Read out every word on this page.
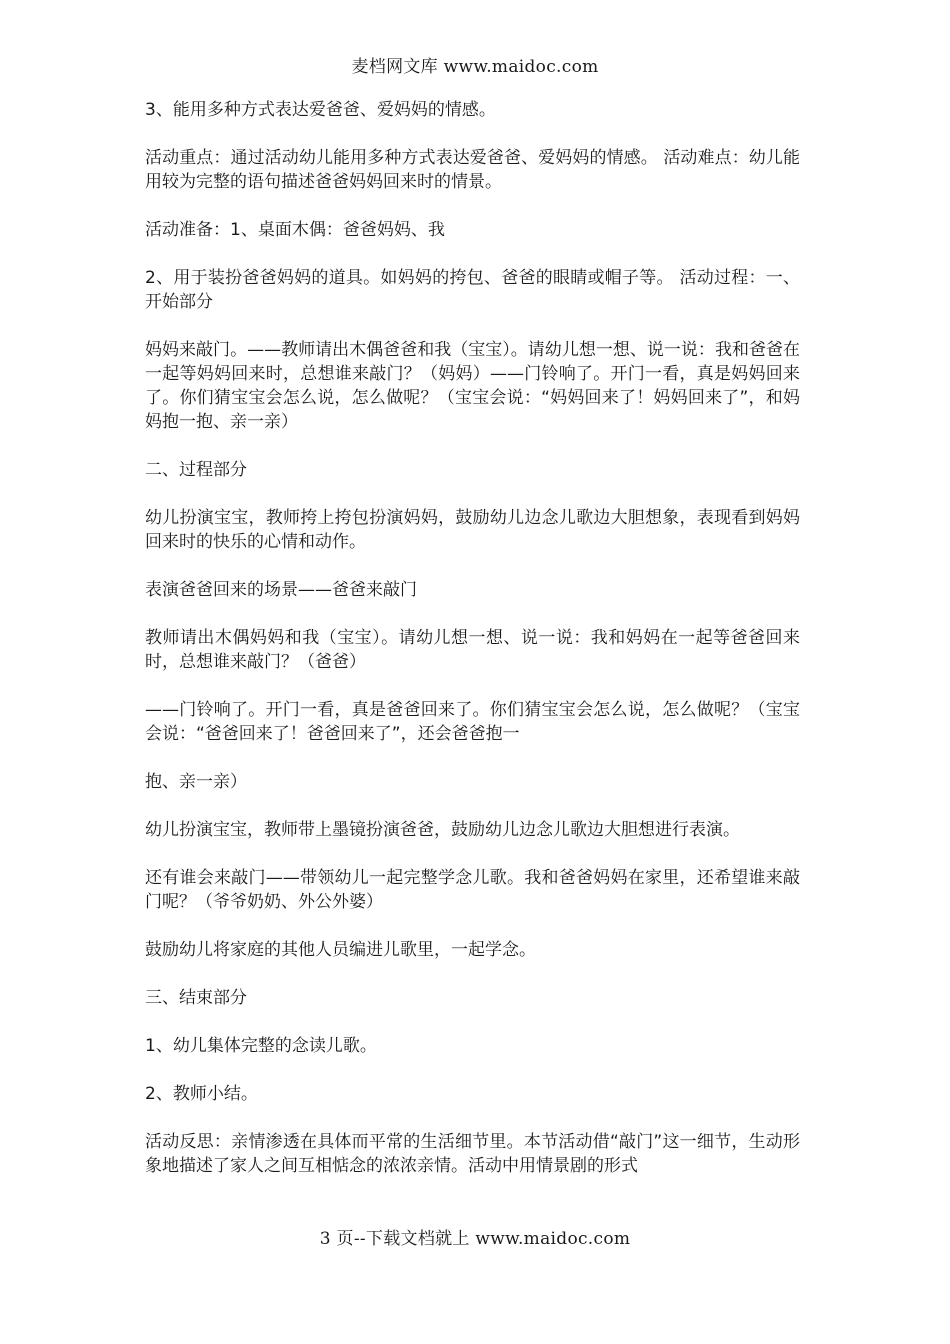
麦档网文库 www.maidoc.com

3、能用多种方式表达爱爸爸、爱妈妈的情感。

活动重点：通过活动幼儿能用多种方式表达爱爸爸、爱妈妈的情感。 活动难点：幼儿能用较为完整的语句描述爸爸妈妈回来时的情景。

活动准备：1、桌面木偶：爸爸妈妈、我

2、用于装扮爸爸妈妈的道具。如妈妈的挎包、爸爸的眼睛或帽子等。 活动过程：一、开始部分

妈妈来敲门。——教师请出木偶爸爸和我（宝宝）。请幼儿想一想、说一说：我和爸爸在一起等妈妈回来时，总想谁来敲门？（妈妈）——门铃响了。开门一看，真是妈妈回来了。你们猜宝宝会怎么说，怎么做呢？（宝宝会说：“妈妈回来了！妈妈回来了”，和妈妈抱一抱、亲一亲）

二、过程部分

幼儿扮演宝宝，教师挎上挎包扮演妈妈，鼓励幼儿边念儿歌边大胆想象，表现看到妈妈回来时的快乐的心情和动作。

表演爸爸回来的场景——爸爸来敲门

教师请出木偶妈妈和我（宝宝）。请幼儿想一想、说一说：我和妈妈在一起等爸爸回来时，总想谁来敲门？（爸爸）

——门铃响了。开门一看，真是爸爸回来了。你们猜宝宝会怎么说，怎么做呢？（宝宝会说：“爸爸回来了！爸爸回来了”，还会爸爸抱一

抱、亲一亲）

幼儿扮演宝宝，教师带上墨镜扮演爸爸，鼓励幼儿边念儿歌边大胆想进行表演。

还有谁会来敲门——带领幼儿一起完整学念儿歌。我和爸爸妈妈在家里，还希望谁来敲门呢？（爷爷奶奶、外公外婆）

鼓励幼儿将家庭的其他人员编进儿歌里，一起学念。

三、结束部分

1、幼儿集体完整的念读儿歌。

2、教师小结。

活动反思：亲情渗透在具体而平常的生活细节里。本节活动借“敲门”这一细节，生动形象地描述了家人之间互相惦念的浓浓亲情。活动中用情景剧的形式

3 页--下载文档就上 www.maidoc.com
